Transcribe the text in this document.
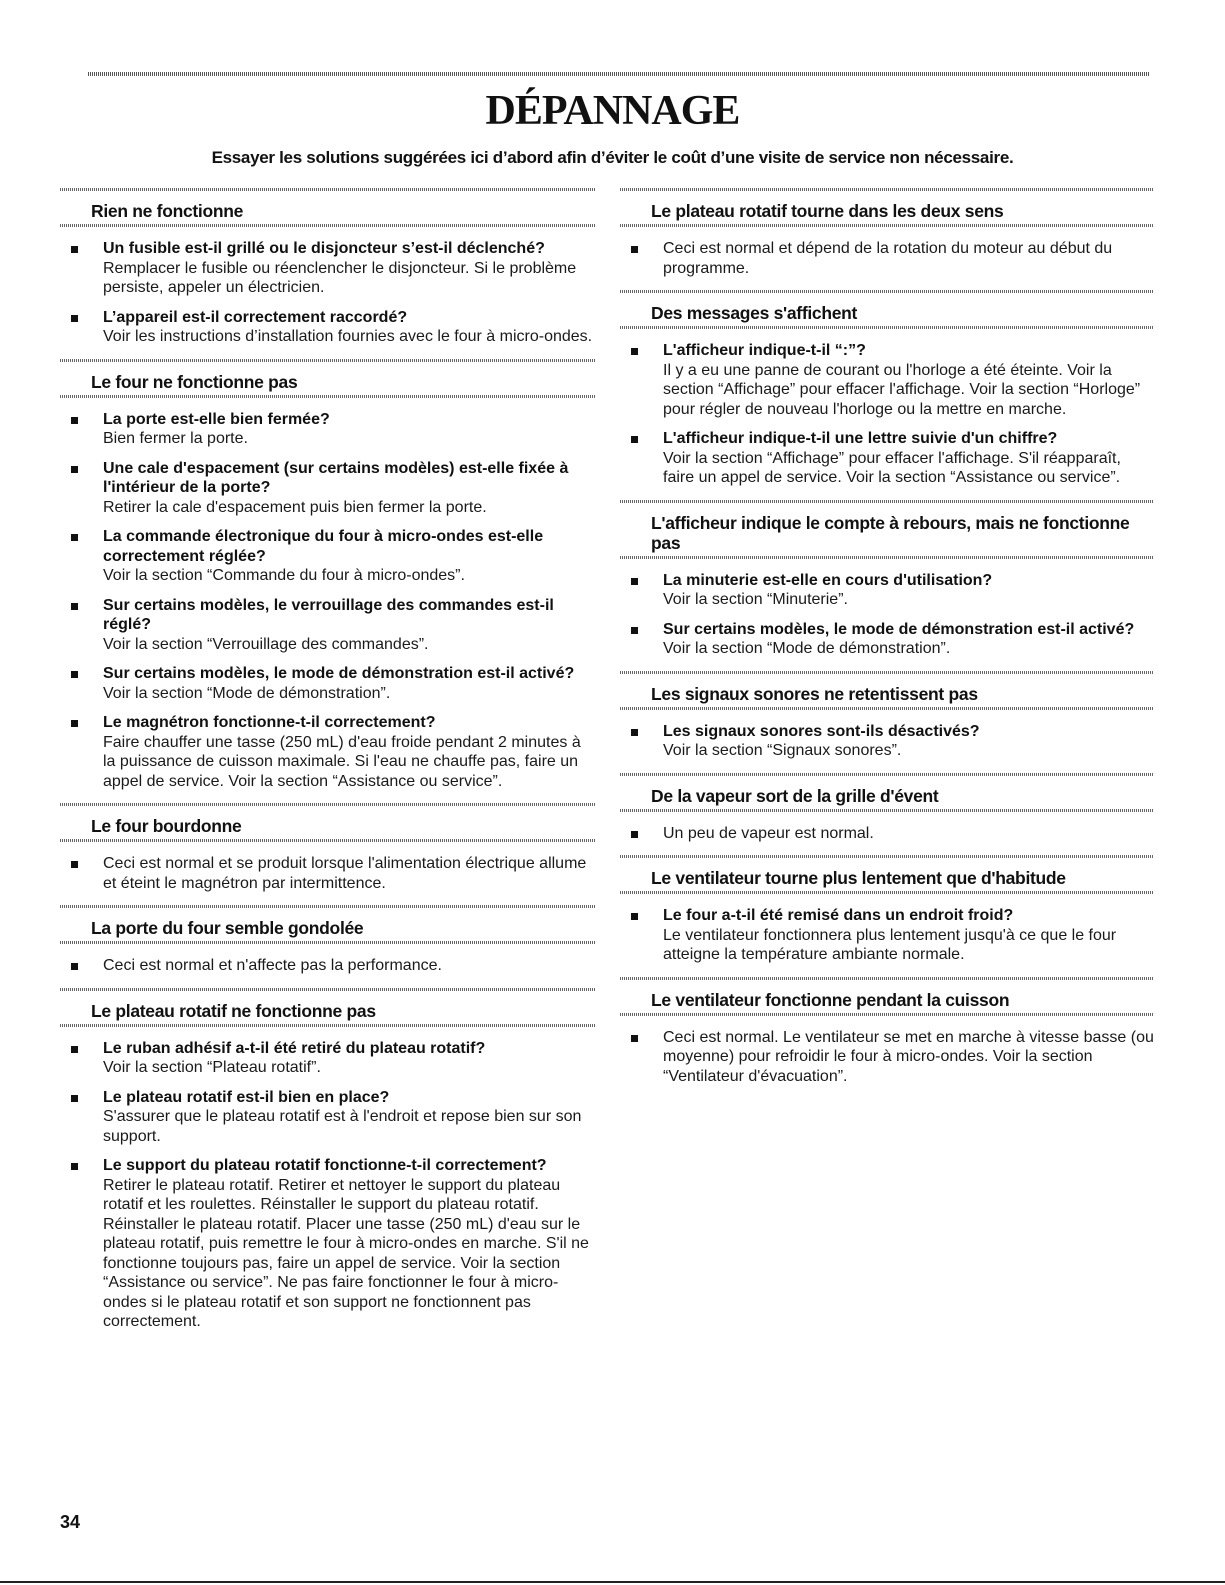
DÉPANNAGE

Essayer les solutions suggérées ici d’abord afin d’éviter le coût d’une visite de service non nécessaire.

Rien ne fonctionne
Un fusible est-il grillé ou le disjoncteur s’est-il déclenché?
Remplacer le fusible ou réenclencher le disjoncteur. Si le problème persiste, appeler un électricien.
L’appareil est-il correctement raccordé?
Voir les instructions d’installation fournies avec le four à micro-ondes.
Le four ne fonctionne pas
La porte est-elle bien fermée?
Bien fermer la porte.
Une cale d'espacement (sur certains modèles) est-elle fixée à l'intérieur de la porte?
Retirer la cale d'espacement puis bien fermer la porte.
La commande électronique du four à micro-ondes est-elle correctement réglée?
Voir la section “Commande du four à micro-ondes”.
Sur certains modèles, le verrouillage des commandes est-il réglé?
Voir la section “Verrouillage des commandes”.
Sur certains modèles, le mode de démonstration est-il activé?
Voir la section “Mode de démonstration”.
Le magnétron fonctionne-t-il correctement?
Faire chauffer une tasse (250 mL) d'eau froide pendant 2 minutes à la puissance de cuisson maximale. Si l'eau ne chauffe pas, faire un appel de service. Voir la section “Assistance ou service”.
Le four bourdonne
Ceci est normal et se produit lorsque l'alimentation électrique allume et éteint le magnétron par intermittence.
La porte du four semble gondolée
Ceci est normal et n'affecte pas la performance.
Le plateau rotatif ne fonctionne pas
Le ruban adhésif a-t-il été retiré du plateau rotatif?
Voir la section “Plateau rotatif”.
Le plateau rotatif est-il bien en place?
S'assurer que le plateau rotatif est à l'endroit et repose bien sur son support.
Le support du plateau rotatif fonctionne-t-il correctement?
Retirer le plateau rotatif. Retirer et nettoyer le support du plateau rotatif et les roulettes. Réinstaller le support du plateau rotatif. Réinstaller le plateau rotatif. Placer une tasse (250 mL) d'eau sur le plateau rotatif, puis remettre le four à micro-ondes en marche. S'il ne fonctionne toujours pas, faire un appel de service. Voir la section “Assistance ou service”. Ne pas faire fonctionner le four à micro-ondes si le plateau rotatif et son support ne fonctionnent pas correctement.
Le plateau rotatif tourne dans les deux sens
Ceci est normal et dépend de la rotation du moteur au début du programme.
Des messages s'affichent
L'afficheur indique-t-il “:”?
Il y a eu une panne de courant ou l'horloge a été éteinte. Voir la section “Affichage” pour effacer l'affichage. Voir la section “Horloge” pour régler de nouveau l'horloge ou la mettre en marche.
L'afficheur indique-t-il une lettre suivie d'un chiffre?
Voir la section “Affichage” pour effacer l'affichage. S'il réapparaît, faire un appel de service. Voir la section “Assistance ou service”.
L'afficheur indique le compte à rebours, mais ne fonctionne pas
La minuterie est-elle en cours d'utilisation?
Voir la section “Minuterie”.
Sur certains modèles, le mode de démonstration est-il activé?
Voir la section “Mode de démonstration”.
Les signaux sonores ne retentissent pas
Les signaux sonores sont-ils désactivés?
Voir la section “Signaux sonores”.
De la vapeur sort de la grille d'évent
Un peu de vapeur est normal.
Le ventilateur tourne plus lentement que d'habitude
Le four a-t-il été remisé dans un endroit froid?
Le ventilateur fonctionnera plus lentement jusqu'à ce que le four atteigne la température ambiante normale.
Le ventilateur fonctionne pendant la cuisson
Ceci est normal. Le ventilateur se met en marche à vitesse basse (ou moyenne) pour refroidir le four à micro-ondes. Voir la section “Ventilateur d'évacuation”.
34
